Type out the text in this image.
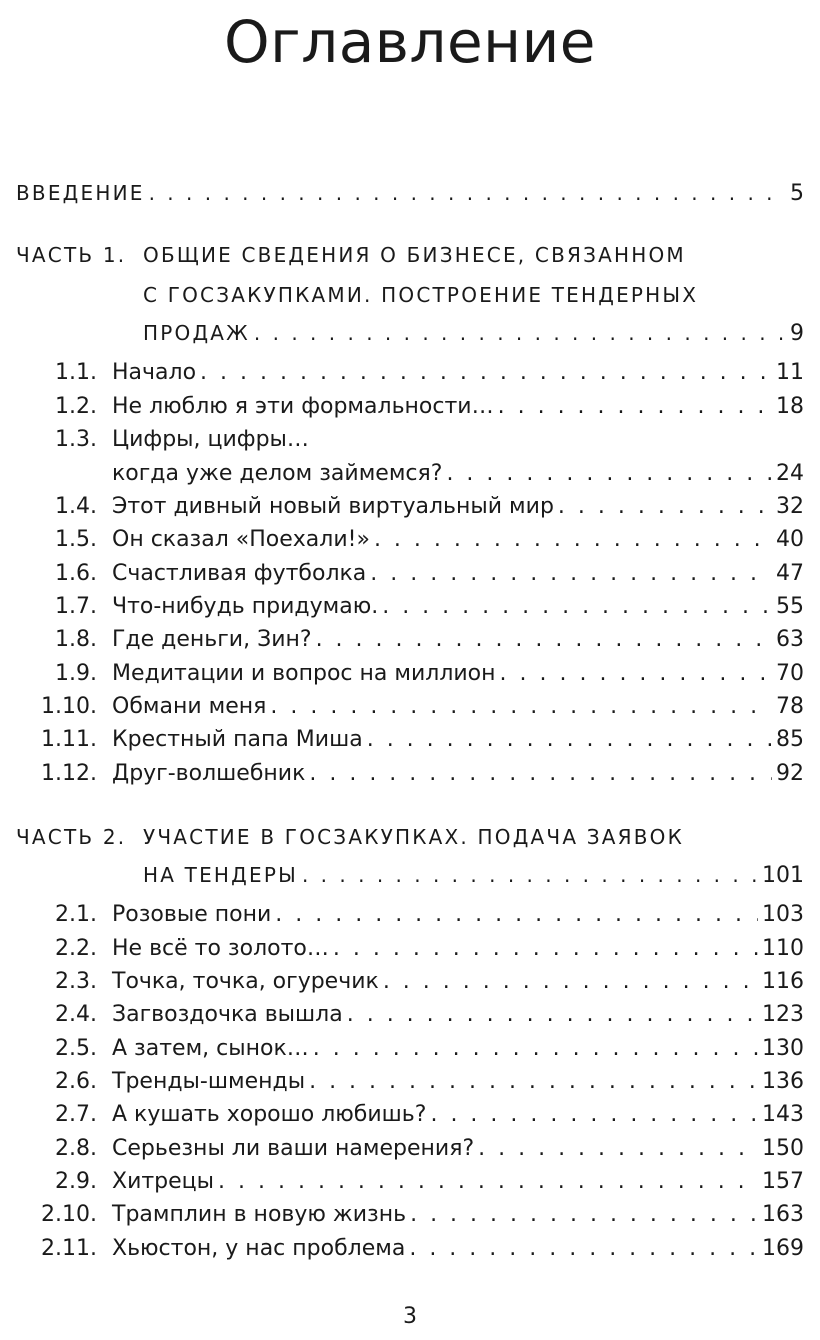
Оглавление
ВВЕДЕНИЕ . . .	5
ЧАСТЬ 1. ОБЩИЕ СВЕДЕНИЯ О БИЗНЕСЕ, СВЯЗАННОМ
С ГОСЗАКУПКАМИ. ПОСТРОЕНИЕ ТЕНДЕРНЫХ
ПРОДАЖ . . .	9
1.1. Начало . . .	11
1.2. Не люблю я эти формальности… . . .	18
1.3. Цифры, цифры…
когда уже делом займемся? . . .	24
1.4. Этот дивный новый виртуальный мир . . .	32
1.5. Он сказал «Поехали!» . . .	40
1.6. Счастливая футболка . . .	47
1.7. Что-нибудь придумаю. . . .	55
1.8. Где деньги, Зин? . . .	63
1.9. Медитации и вопрос на миллион . . .	70
1.10. Обмани меня . . .	78
1.11. Крестный папа Миша . . .	85
1.12. Друг-волшебник . . .	92
ЧАСТЬ 2. УЧАСТИЕ В ГОСЗАКУПКАХ. ПОДАЧА ЗАЯВОК
НА ТЕНДЕРЫ . . .	101
2.1. Розовые пони . . .	103
2.2. Не всё то золото… . . .	110
2.3. Точка, точка, огуречик . . .	116
2.4. Загвоздочка вышла . . .	123
2.5. А затем, сынок… . . .	130
2.6. Тренды-шменды . . .	136
2.7. А кушать хорошо любишь? . . .	143
2.8. Серьезны ли ваши намерения? . . .	150
2.9. Хитрецы . . .	157
2.10. Трамплин в новую жизнь . . .	163
2.11. Хьюстон, у нас проблема . . .	169
3
